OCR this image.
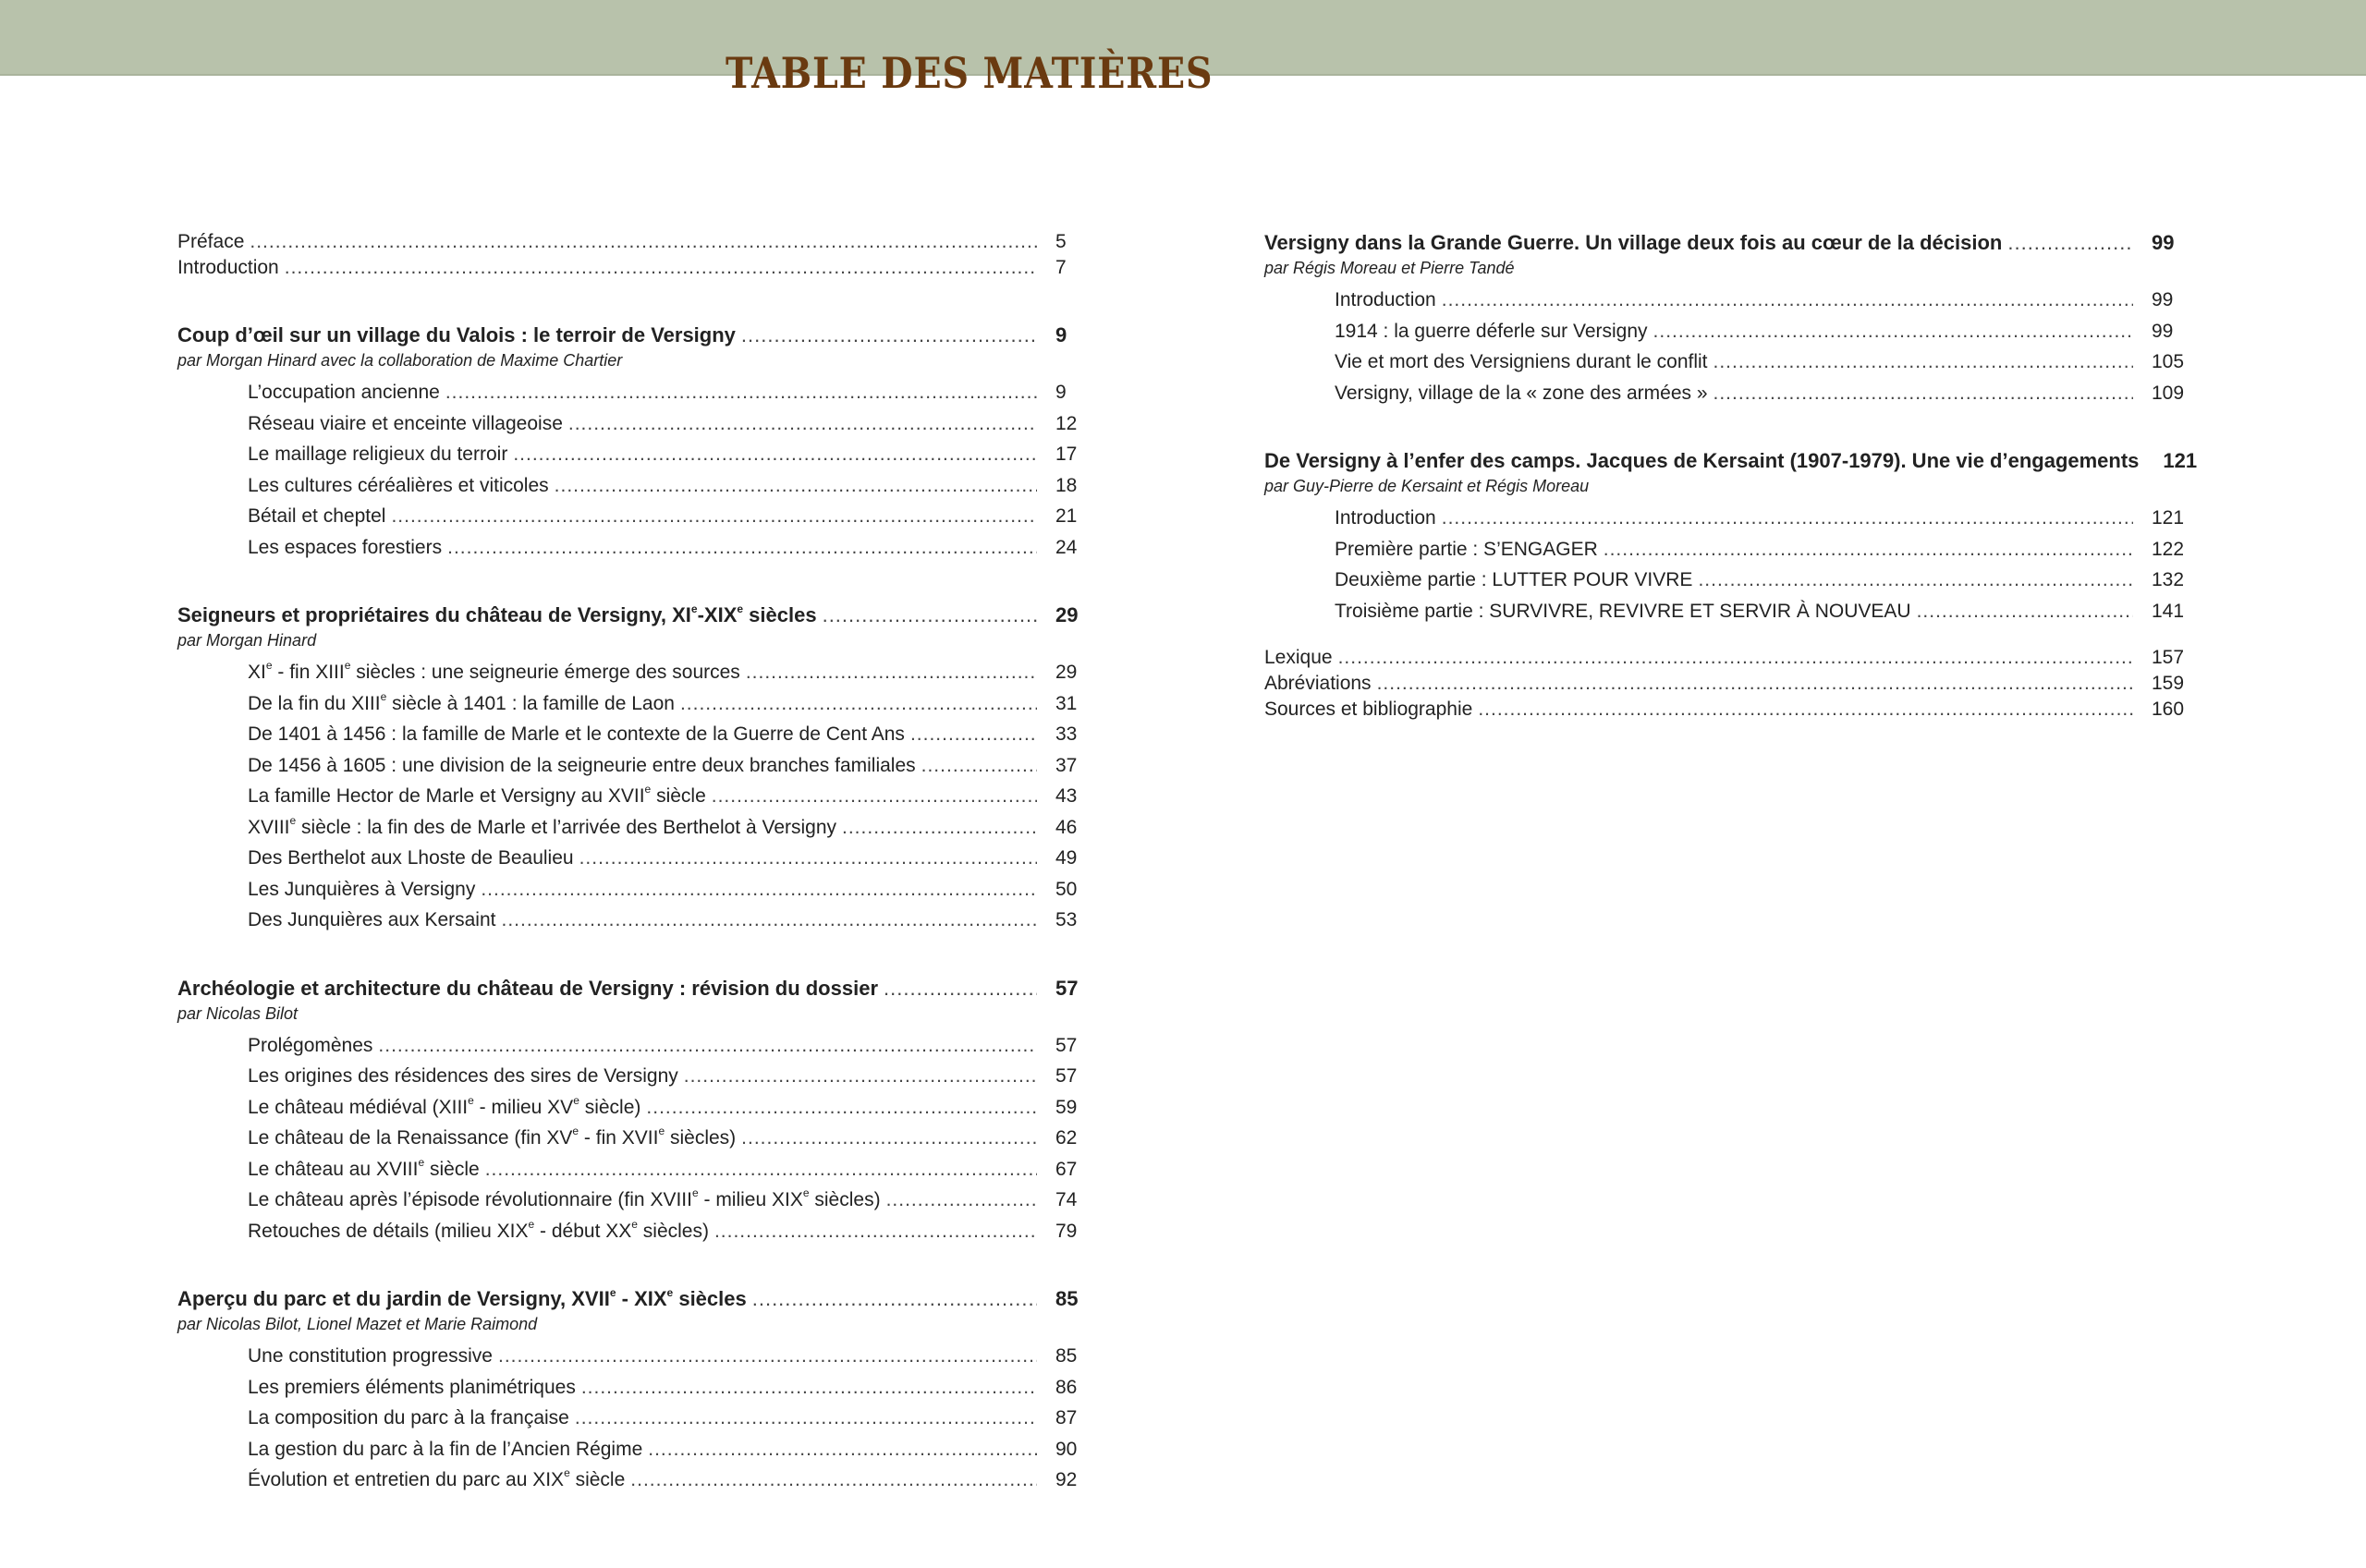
TABLE DES MATIÈRES
Préface .....	5
Introduction .....	7
Coup d’œil sur un village du Valois : le terroir de Versigny .....	9
par Morgan Hinard avec la collaboration de Maxime Chartier
L’occupation ancienne .....	9
Réseau viaire et enceinte villageoise .....	12
Le maillage religieux du terroir .....	17
Les cultures céréalières et viticoles .....	18
Bétail et cheptel .....	21
Les espaces forestiers .....	24
Seigneurs et propriétaires du château de Versigny, XIe-XIXe siècles .....	29
par Morgan Hinard
XIe - fin XIIIe siècles : une seigneurie émerge des sources .....	29
De la fin du XIIIe siècle à 1401 : la famille de Laon .....	31
De 1401 à 1456 : la famille de Marle et le contexte de la Guerre de Cent Ans .....	33
De 1456 à 1605 : une division de la seigneurie entre deux branches familiales .....	37
La famille Hector de Marle et Versigny au XVIIe siècle .....	43
XVIIIe siècle : la fin des de Marle et l’arrivée des Berthelot à Versigny .....	46
Des Berthelot aux Lhoste de Beaulieu .....	49
Les Junquières à Versigny .....	50
Des Junquières aux Kersaint .....	53
Archéologie et architecture du château de Versigny : révision du dossier .....	57
par Nicolas Bilot
Prolégomènes .....	57
Les origines des résidences des sires de Versigny .....	57
Le château médiéval (XIIIe - milieu XVe siècle) .....	59
Le château de la Renaissance (fin XVe - fin XVIIe siècles) .....	62
Le château au XVIIIe siècle .....	67
Le château après l’épisode révolutionnaire (fin XVIIIe - milieu XIXe siècles) .....	74
Retouches de détails (milieu XIXe - début XXe siècles) .....	79
Aperçu du parc et du jardin de Versigny, XVIIe - XIXe siècles .....	85
par Nicolas Bilot, Lionel Mazet et Marie Raimond
Une constitution progressive .....	85
Les premiers éléments planimétriques .....	86
La composition du parc à la française .....	87
La gestion du parc à la fin de l’Ancien Régime .....	90
Évolution et entretien du parc au XIXe siècle .....	92
Versigny dans la Grande Guerre. Un village deux fois au cœur de la décision .....	99
par Régis Moreau et Pierre Tandé
Introduction .....	99
1914 : la guerre déferle sur Versigny .....	99
Vie et mort des Versigniens durant le conflit .....	105
Versigny, village de la « zone des armées » .....	109
De Versigny à l’enfer des camps. Jacques de Kersaint (1907-1979). Une vie d’engagements	121
par Guy-Pierre de Kersaint et Régis Moreau
Introduction .....	121
Première partie : S’ENGAGER .....	122
Deuxième partie : LUTTER POUR VIVRE .....	132
Troisième partie : SURVIVRE, REVIVRE ET SERVIR À NOUVEAU .....	141
Lexique .....	157
Abréviations .....	159
Sources et bibliographie .....	160
